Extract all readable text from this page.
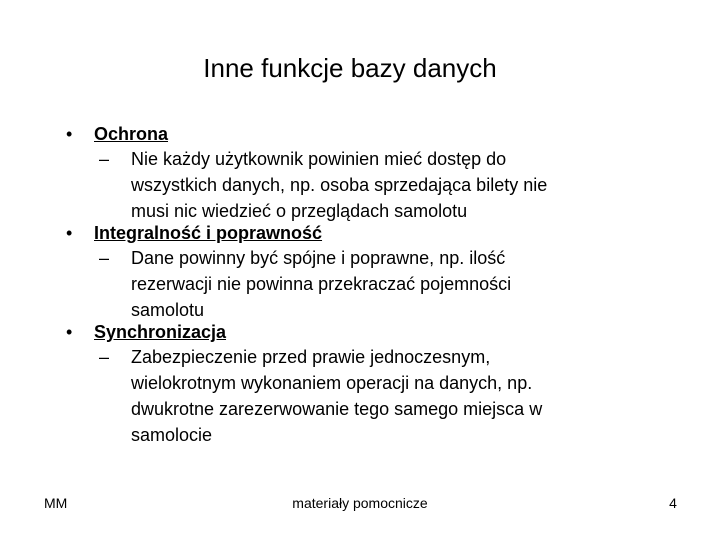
Inne funkcje bazy danych
•	Ochrona
– Nie każdy użytkownik powinien mieć dostęp do
wszystkich danych, np. osoba sprzedająca bilety nie
musi nic wiedzieć o przeglądach samolotu
•	Integralność i poprawność
– Dane powinny być spójne i poprawne, np. ilość
rezerwacji nie powinna przekraczać pojemności
samolotu
•	Synchronizacja
– Zabezpieczenie przed prawie jednoczesnym,
wielokrotnym wykonaniem operacji na danych, np.
dwukrotne zarezerwowanie tego samego miejsca w
samolocie
MM	materiały pomocnicze	4
